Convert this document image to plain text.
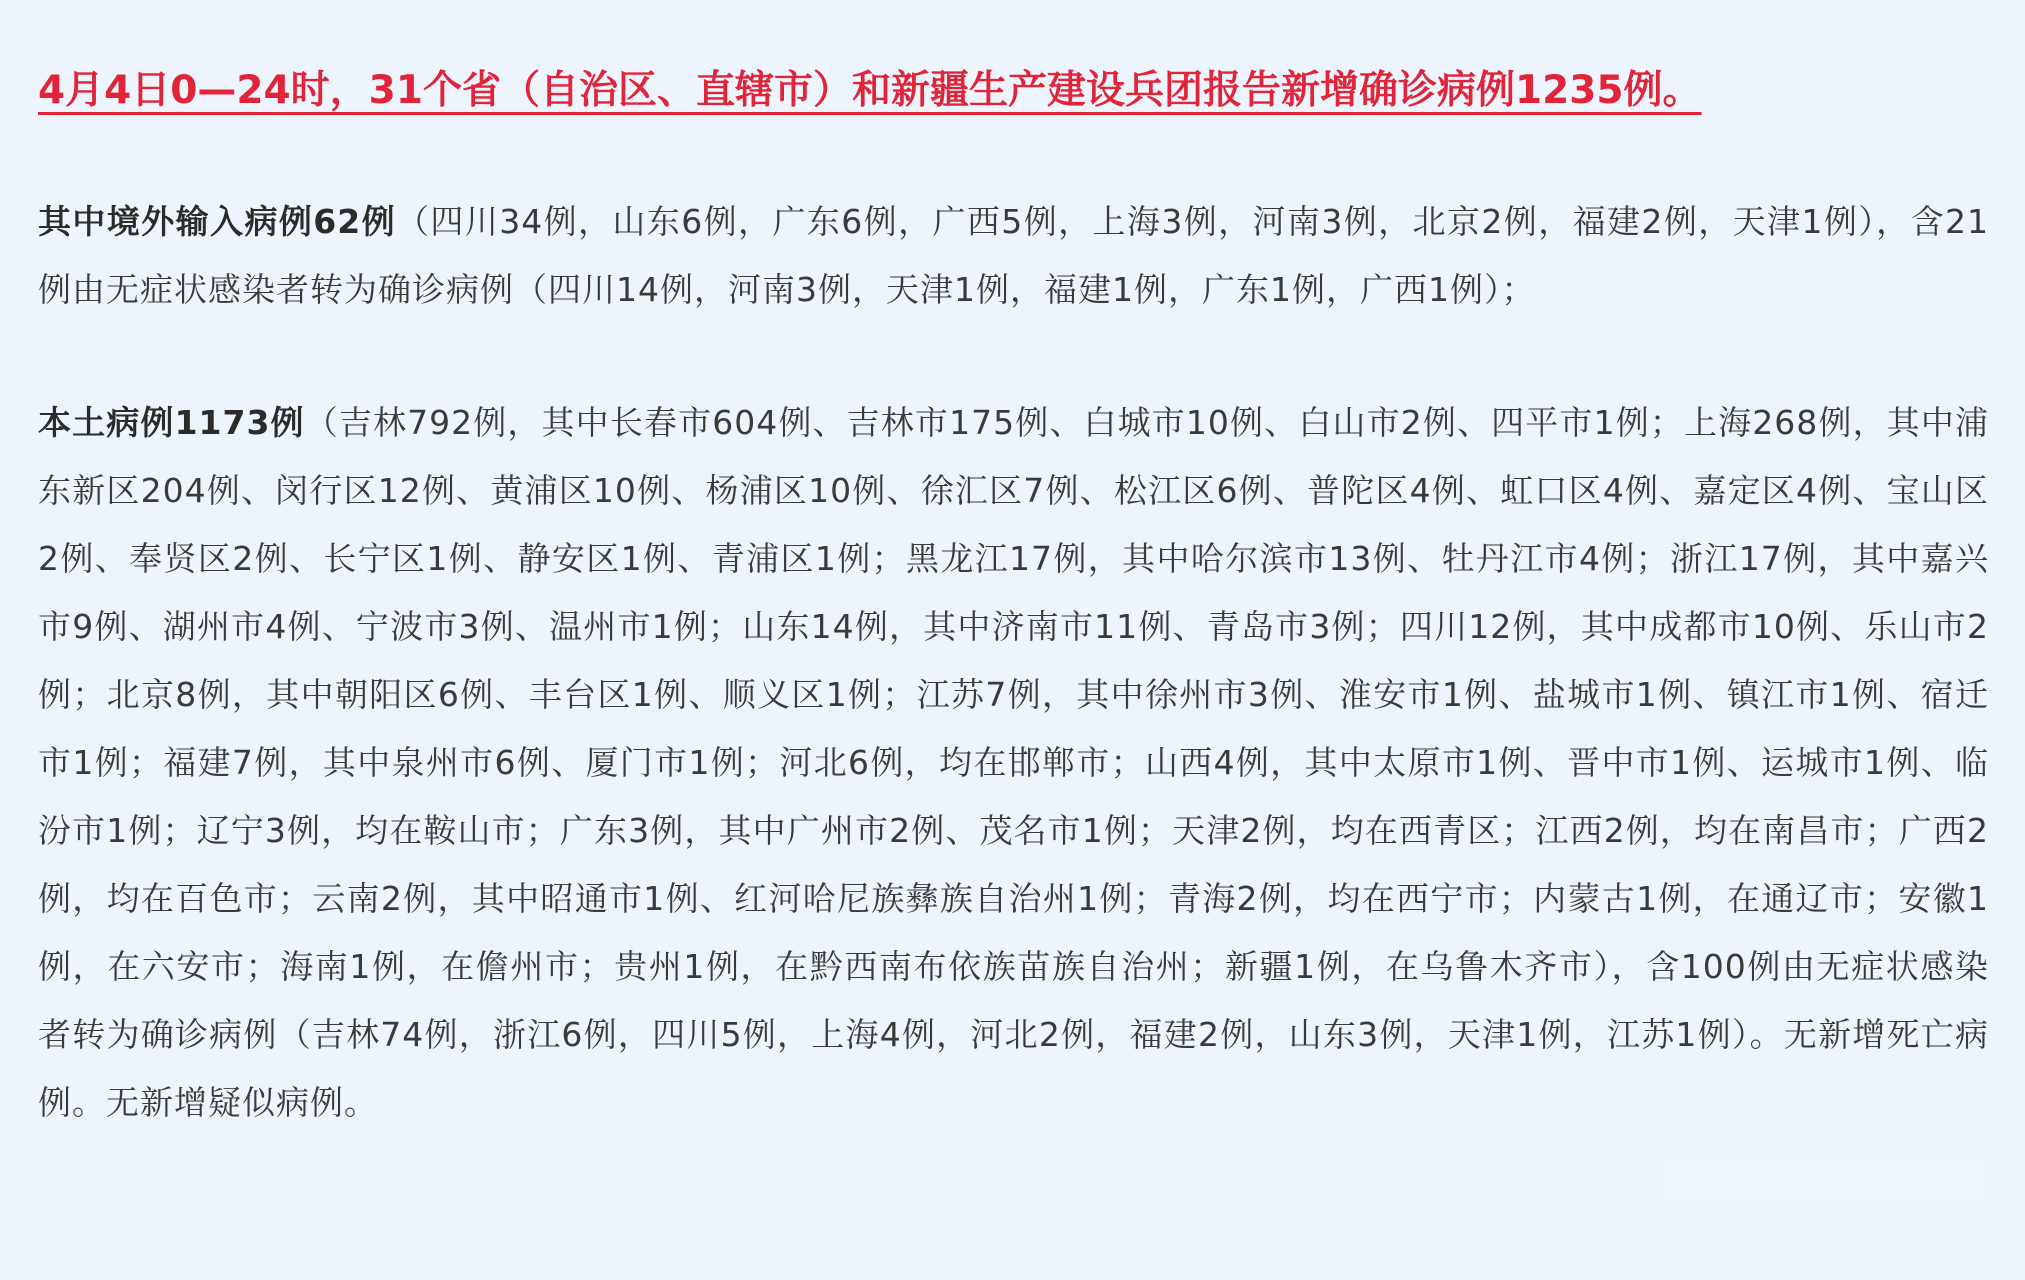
4月4日0—24时，31个省（自治区、直辖市）和新疆生产建设兵团报告新增确诊病例1235例。

其中境外输入病例62例（四川34例，山东6例，广东6例，广西5例，上海3例，河南3例，北京2例，福建2例，天津1例），含21例由无症状感染者转为确诊病例（四川14例，河南3例，天津1例，福建1例，广东1例，广西1例）；

本土病例1173例（吉林792例，其中长春市604例、吉林市175例、白城市10例、白山市2例、四平市1例；上海268例，其中浦东新区204例、闵行区12例、黄浦区10例、杨浦区10例、徐汇区7例、松江区6例、普陀区4例、虹口区4例、嘉定区4例、宝山区2例、奉贤区2例、长宁区1例、静安区1例、青浦区1例；黑龙江17例，其中哈尔滨市13例、牡丹江市4例；浙江17例，其中嘉兴市9例、湖州市4例、宁波市3例、温州市1例；山东14例，其中济南市11例、青岛市3例；四川12例，其中成都市10例、乐山市2例；北京8例，其中朝阳区6例、丰台区1例、顺义区1例；江苏7例，其中徐州市3例、淮安市1例、盐城市1例、镇江市1例、宿迁市1例；福建7例，其中泉州市6例、厦门市1例；河北6例，均在邯郸市；山西4例，其中太原市1例、晋中市1例、运城市1例、临汾市1例；辽宁3例，均在鞍山市；广东3例，其中广州市2例、茂名市1例；天津2例，均在西青区；江西2例，均在南昌市；广西2例，均在百色市；云南2例，其中昭通市1例、红河哈尼族彝族自治州1例；青海2例，均在西宁市；内蒙古1例，在通辽市；安徽1例，在六安市；海南1例，在儋州市；贵州1例，在黔西南布依族苗族自治州；新疆1例，在乌鲁木齐市），含100例由无症状感染者转为确诊病例（吉林74例，浙江6例，四川5例，上海4例，河北2例，福建2例，山东3例，天津1例，江苏1例）。无新增死亡病例。无新增疑似病例。
